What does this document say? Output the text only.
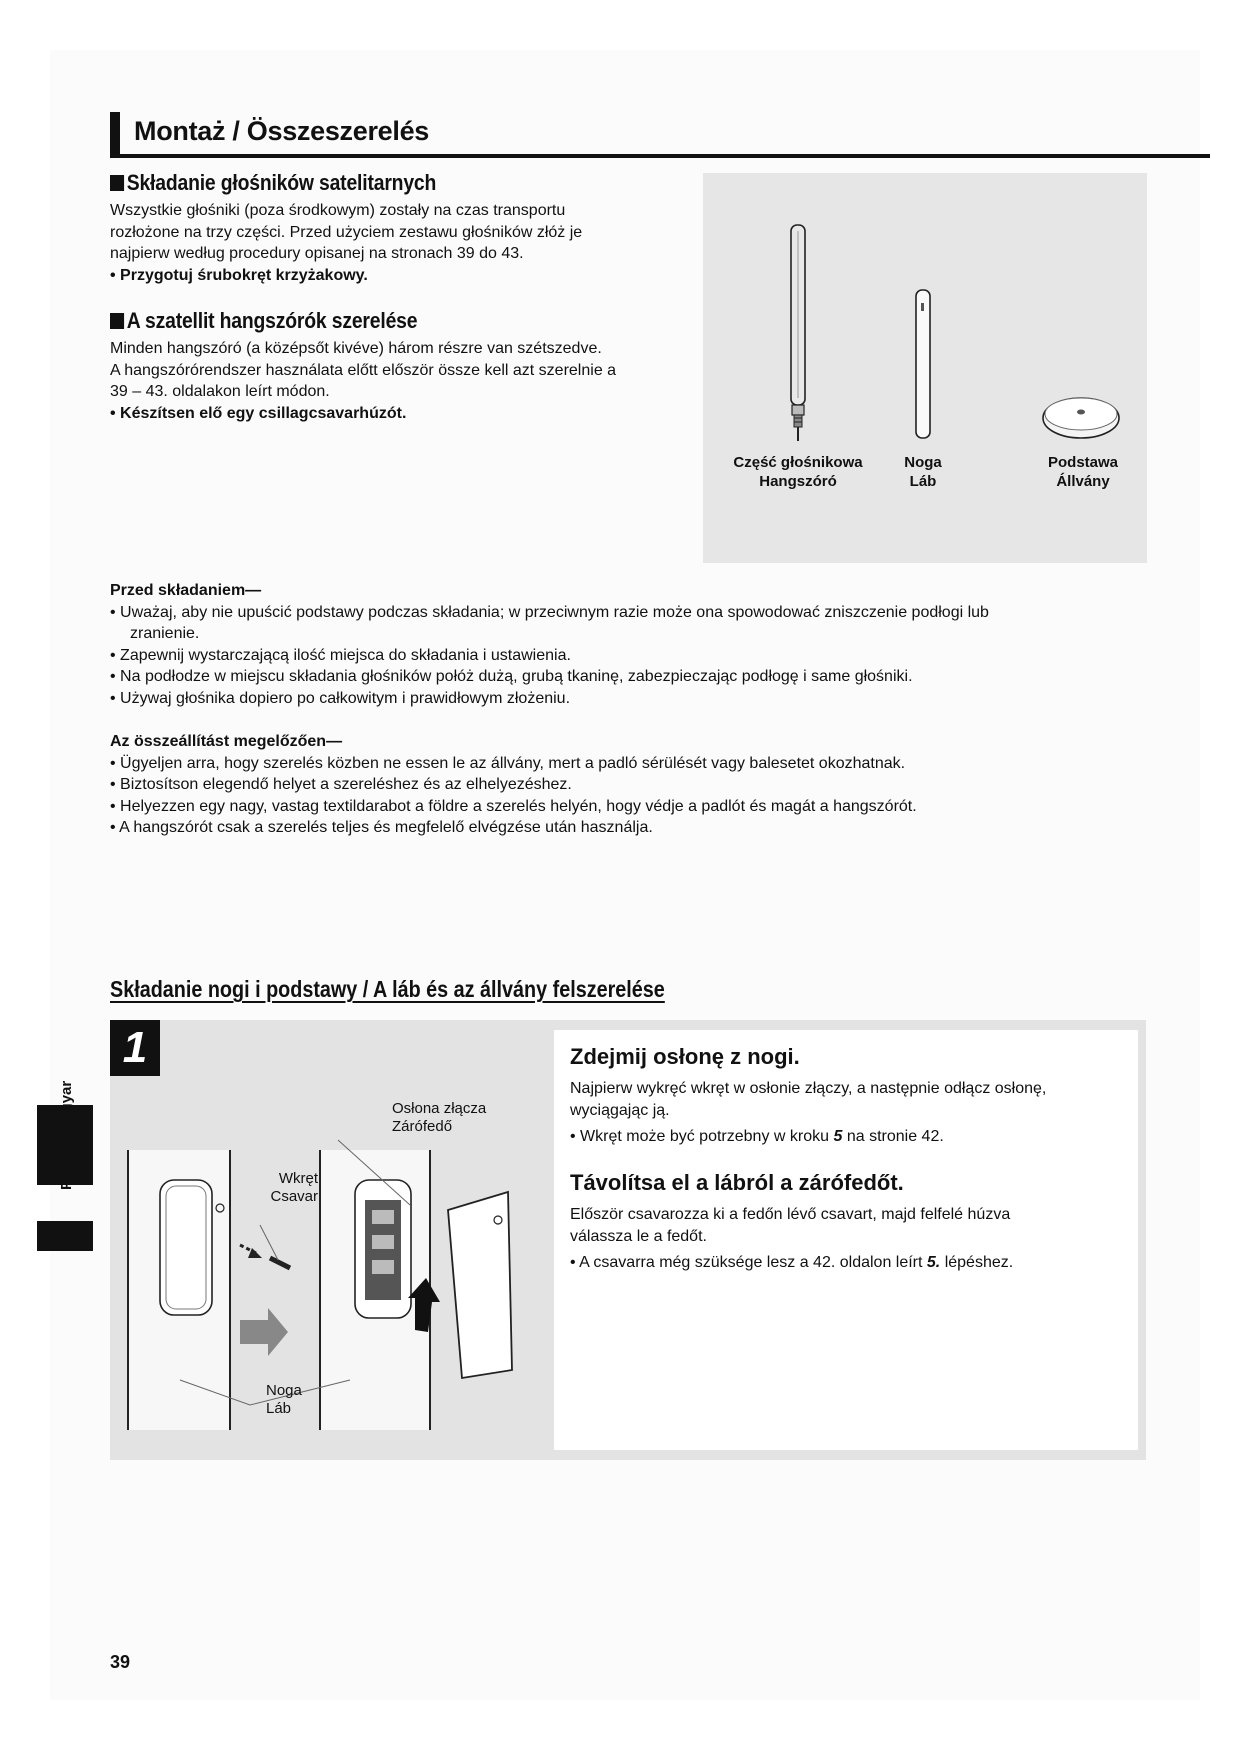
Montaż / Összeszerelés
Składanie głośników satelitarnych

Wszystkie głośniki (poza środkowym) zostały na czas transportu

rozłożone na trzy części. Przed użyciem zestawu głośników złóż je

najpierw według procedury opisanej na stronach 39 do 43.

• Przygotuj śrubokręt krzyżakowy.

A szatellit hangszórók szerelése

Minden hangszóró (a középsőt kivéve) három részre van szétszedve.

A hangszórórendszer használata előtt először össze kell azt szerelnie a

39 – 43. oldalakon leírt módon.

• Készítsen elő egy csillagcsavarhúzót.

Część głośnikowa
Hangszóró
Noga
Láb
Podstawa
Állvány
Przed składaniem—
• Uważaj, aby nie upuścić podstawy podczas składania; w przeciwnym razie może ona spowodować zniszczenie podłogi lub
zranienie.
• Zapewnij wystarczającą ilość miejsca do składania i ustawienia.
• Na podłodze w miejscu składania głośników połóż dużą, grubą tkaninę, zabezpieczając podłogę i same głośniki.
• Używaj głośnika dopiero po całkowitym i prawidłowym złożeniu.
Az összeállítást megelőzően—
• Ügyeljen arra, hogy szerelés közben ne essen le az állvány, mert a padló sérülését vagy balesetet okozhatnak.
• Biztosítson elegendő helyet a szereléshez és az elhelyezéshez.
• Helyezzen egy nagy, vastag textildarabot a földre a szerelés helyén, hogy védje a padlót és magát a hangszórót.
• A hangszórót csak a szerelés teljes és megfelelő elvégzése után használja.
Składanie nogi i podstawy / A láb és az állvány felszerelése
1
Osłona złącza
Zárófedő
Wkręt
Csavar
Noga
Láb

Zdejmij osłonę z nogi.

Najpierw wykręć wkręt w osłonie złączy, a następnie odłącz osłonę,
wyciągając ją.
• Wkręt może być potrzebny w kroku 5 na stronie 42.

Távolítsa el a lábról a zárófedőt.

Először csavarozza ki a fedőn lévő csavart, majd felfelé húzva
válassza le a fedőt.
• A csavarra még szüksége lesz a 42. oldalon leírt 5. lépéshez.
Polski / Magyar
39
